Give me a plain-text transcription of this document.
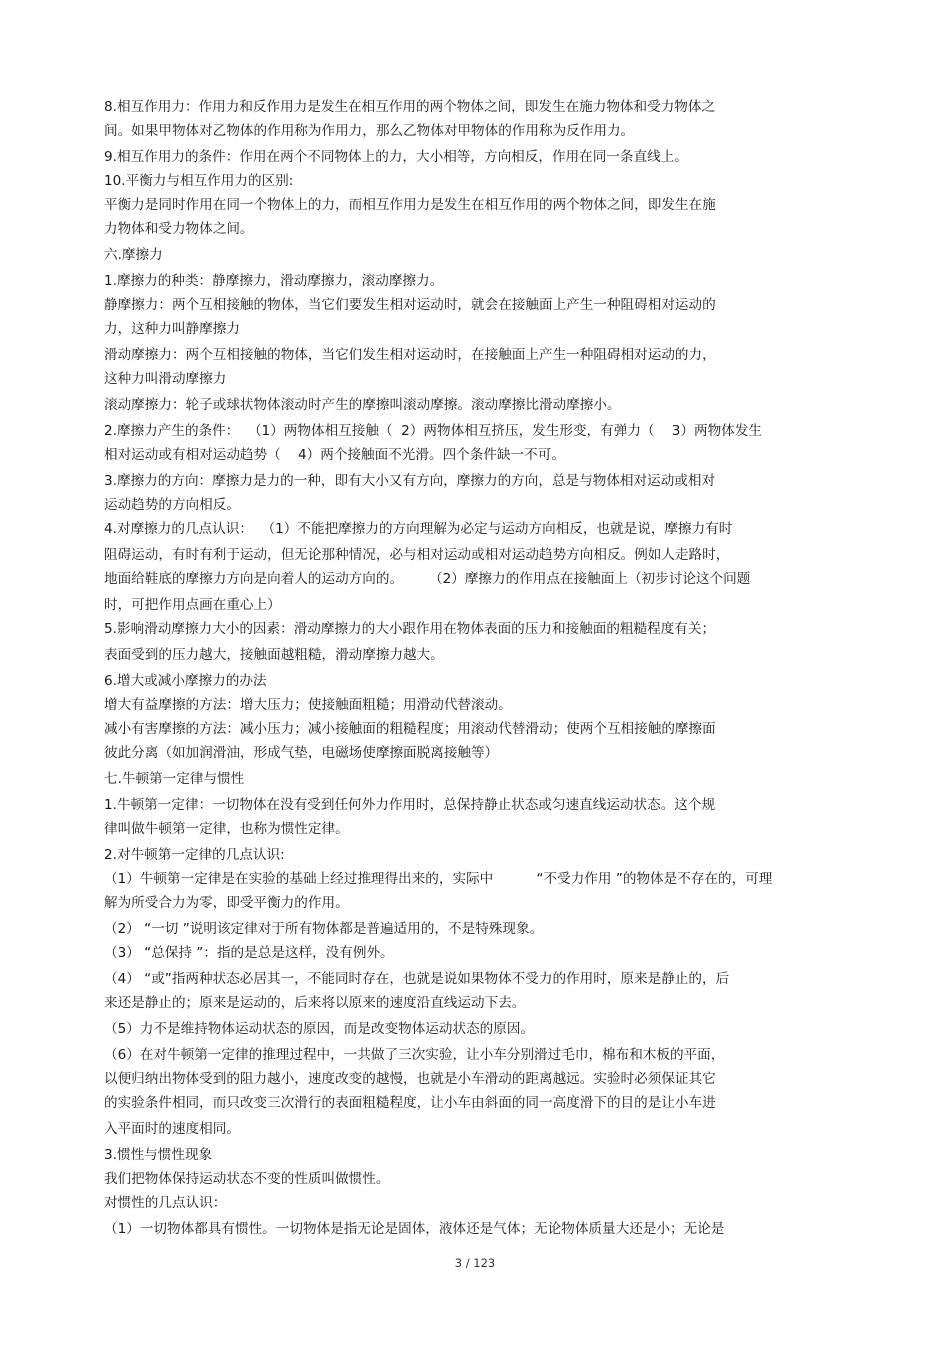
8.相互作用力：作用力和反作用力是发生在相互作用的两个物体之间，即发生在施力物体和受力物体之
间。如果甲物体对乙物体的作用称为作用力，那么乙物体对甲物体的作用称为反作用力。
9.相互作用力的条件：作用在两个不同物体上的力，大小相等，方向相反，作用在同一条直线上。
10.平衡力与相互作用力的区别:
平衡力是同时作用在同一个物体上的力，而相互作用力是发生在相互作用的两个物体之间，即发生在施
力物体和受力物体之间。
六.摩擦力
1.摩擦力的种类：静摩擦力，滑动摩擦力，滚动摩擦力。
静摩擦力：两个互相接触的物体，当它们要发生相对运动时，就会在接触面上产生一种阻碍相对运动的
力，这种力叫静摩擦力
滑动摩擦力：两个互相接触的物体，当它们发生相对运动时，在接触面上产生一种阻碍相对运动的力，
这种力叫滑动摩擦力
滚动摩擦力：轮子或球状物体滚动时产生的摩擦叫滚动摩擦。滚动摩擦比滑动摩擦小。
2.摩擦力产生的条件：  （1）两物体相互接触（  2）两物体相互挤压，发生形变，有弹力（    3）两物体发生
相对运动或有相对运动趋势（    4）两个接触面不光滑。四个条件缺一不可。
3.摩擦力的方向：摩擦力是力的一种，即有大小又有方向，摩擦力的方向，总是与物体相对运动或相对
运动趋势的方向相反。
4.对摩擦力的几点认识：  （1）不能把摩擦力的方向理解为必定与运动方向相反，也就是说，摩擦力有时
阻碍运动，有时有利于运动，但无论那种情况，必与相对运动或相对运动趋势方向相反。例如人走路时，
地面给鞋底的摩擦力方向是向着人的运动方向的。      （2）摩擦力的作用点在接触面上（初步讨论这个问题
时，可把作用点画在重心上）
5.影响滑动摩擦力大小的因素：滑动摩擦力的大小跟作用在物体表面的压力和接触面的粗糙程度有关；
表面受到的压力越大，接触面越粗糙，滑动摩擦力越大。
6.增大或减小摩擦力的办法
增大有益摩擦的方法：增大压力；使接触面粗糙；用滑动代替滚动。
减小有害摩擦的方法：减小压力；减小接触面的粗糙程度；用滚动代替滑动；使两个互相接触的摩擦面
彼此分离（如加润滑油，形成气垫，电磁场使摩擦面脱离接触等）
七.牛顿第一定律与惯性
1.牛顿第一定律：一切物体在没有受到任何外力作用时，总保持静止状态或匀速直线运动状态。这个规
律叫做牛顿第一定律，也称为惯性定律。
2.对牛顿第一定律的几点认识:
（1）牛顿第一定律是在实验的基础上经过推理得出来的，实际中          “不受力作用 ”的物体是不存在的，可理
解为所受合力为零，即受平衡力的作用。
（2） “一切 ”说明该定律对于所有物体都是普遍适用的，不是特殊现象。
（3） “总保持 ”：指的是总是这样，没有例外。
（4） “或”指两种状态必居其一，不能同时存在，也就是说如果物体不受力的作用时，原来是静止的，后
来还是静止的；原来是运动的，后来将以原来的速度沿直线运动下去。
（5）力不是维持物体运动状态的原因，而是改变物体运动状态的原因。
（6）在对牛顿第一定律的推理过程中，一共做了三次实验，让小车分别滑过毛巾，棉布和木板的平面，
以便归纳出物体受到的阻力越小，速度改变的越慢，也就是小车滑动的距离越远。实验时必须保证其它
的实验条件相同，而只改变三次滑行的表面粗糙程度，让小车由斜面的同一高度滑下的目的是让小车进
入平面时的速度相同。
3.惯性与惯性现象
我们把物体保持运动状态不变的性质叫做惯性。
对惯性的几点认识：
（1）一切物体都具有惯性。一切物体是指无论是固体，液体还是气体；无论物体质量大还是小；无论是
3 / 123
